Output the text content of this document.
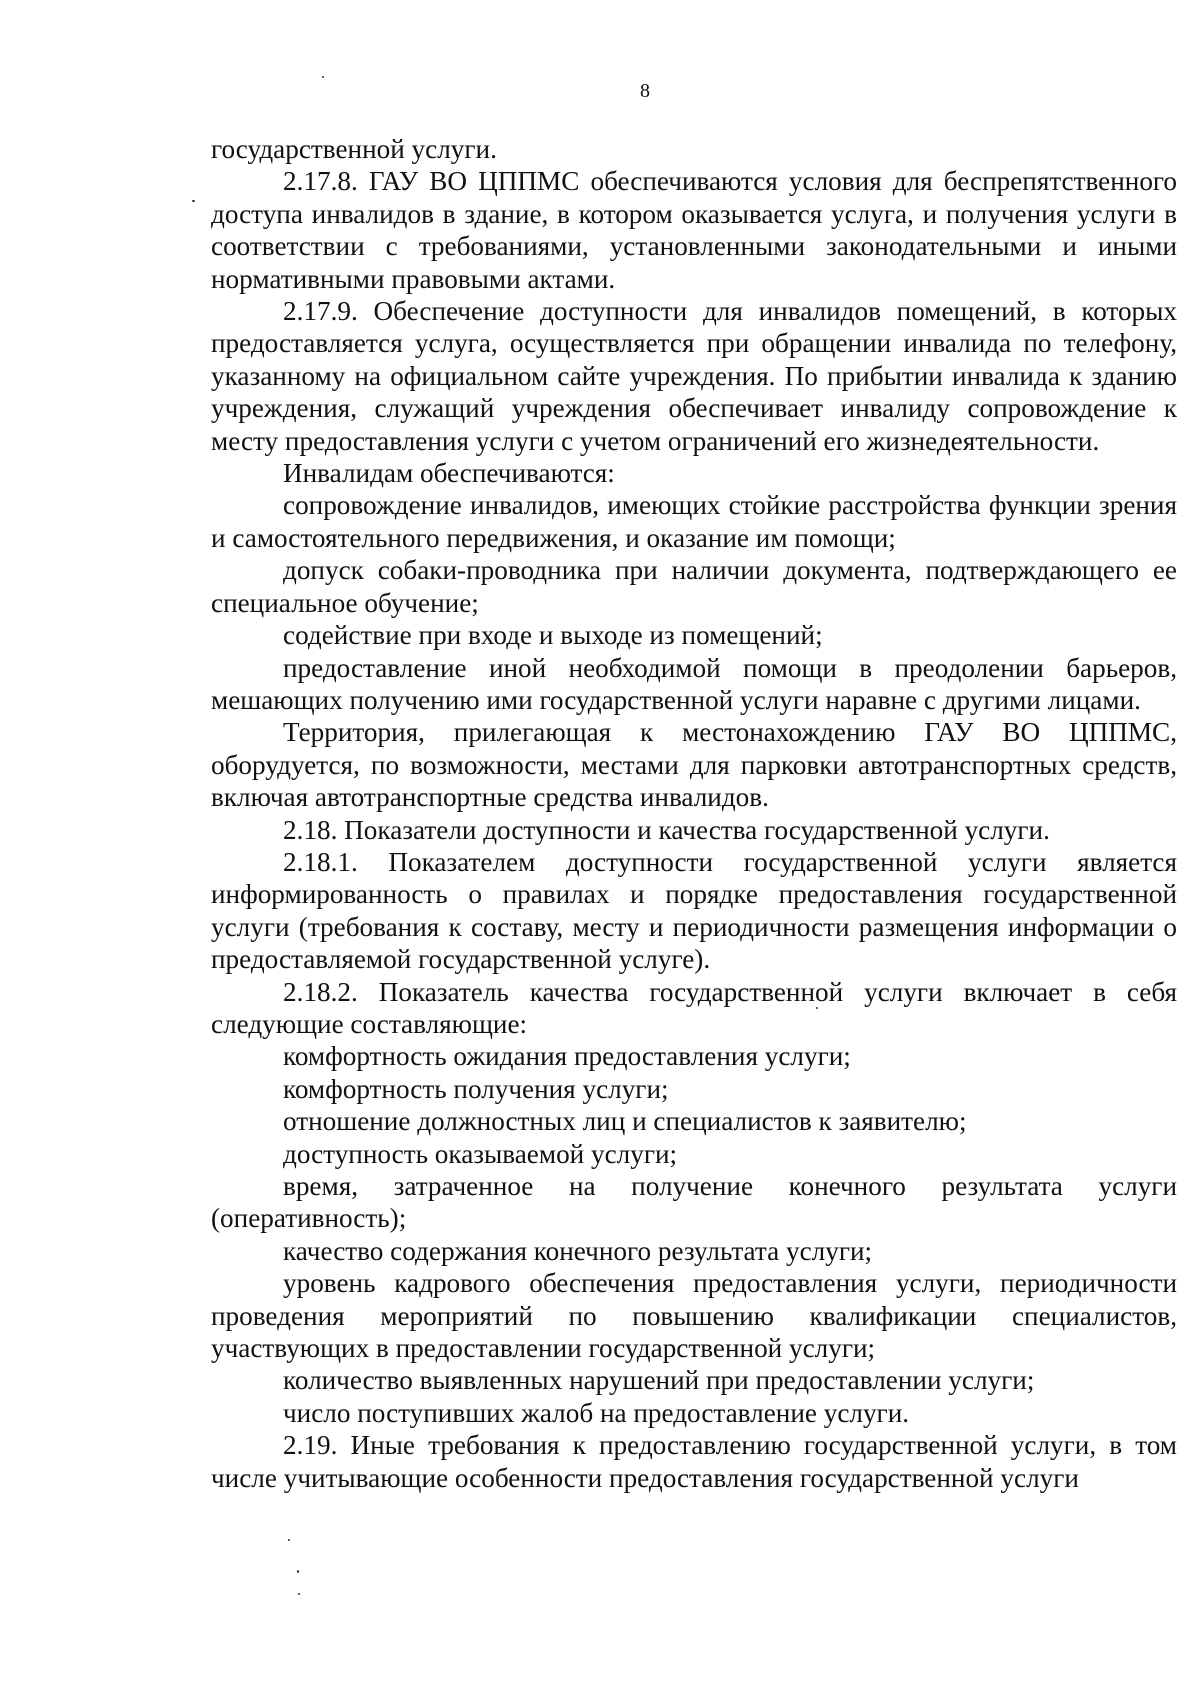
8

государственной услуги.

2.17.8. ГАУ ВО ЦППМС обеспечиваются условия для беспрепятственного доступа инвалидов в здание, в котором оказывается услуга, и получения услуги в соответствии с требованиями, установленными законодательными и иными нормативными правовыми актами.

2.17.9. Обеспечение доступности для инвалидов помещений, в которых предоставляется услуга, осуществляется при обращении инвалида по телефону, указанному на официальном сайте учреждения. По прибытии инвалида к зданию учреждения, служащий учреждения обеспечивает инвалиду сопровождение к месту предоставления услуги с учетом ограничений его жизнедеятельности.

Инвалидам обеспечиваются:

сопровождение инвалидов, имеющих стойкие расстройства функции зрения и самостоятельного передвижения, и оказание им помощи;

допуск собаки-проводника при наличии документа, подтверждающего ее специальное обучение;

содействие при входе и выходе из помещений;

предоставление иной необходимой помощи в преодолении барьеров, мешающих получению ими государственной услуги наравне с другими лицами.

Территория, прилегающая к местонахождению ГАУ ВО ЦППМС, оборудуется, по возможности, местами для парковки автотранспортных средств, включая автотранспортные средства инвалидов.

2.18. Показатели доступности и качества государственной услуги.

2.18.1. Показателем доступности государственной услуги является информированность о правилах и порядке предоставления государственной услуги (требования к составу, месту и периодичности размещения информации о предоставляемой государственной услуге).

2.18.2. Показатель качества государственной услуги включает в себя следующие составляющие:

комфортность ожидания предоставления услуги;

комфортность получения услуги;

отношение должностных лиц и специалистов к заявителю;

доступность оказываемой услуги;

время, затраченное на получение конечного результата услуги (оперативность);

качество содержания конечного результата услуги;

уровень кадрового обеспечения предоставления услуги, периодичности проведения мероприятий по повышению квалификации специалистов, участвующих в предоставлении государственной услуги;

количество выявленных нарушений при предоставлении услуги;

число поступивших жалоб на предоставление услуги.

2.19. Иные требования к предоставлению государственной услуги, в том числе учитывающие особенности предоставления государственной услуги
